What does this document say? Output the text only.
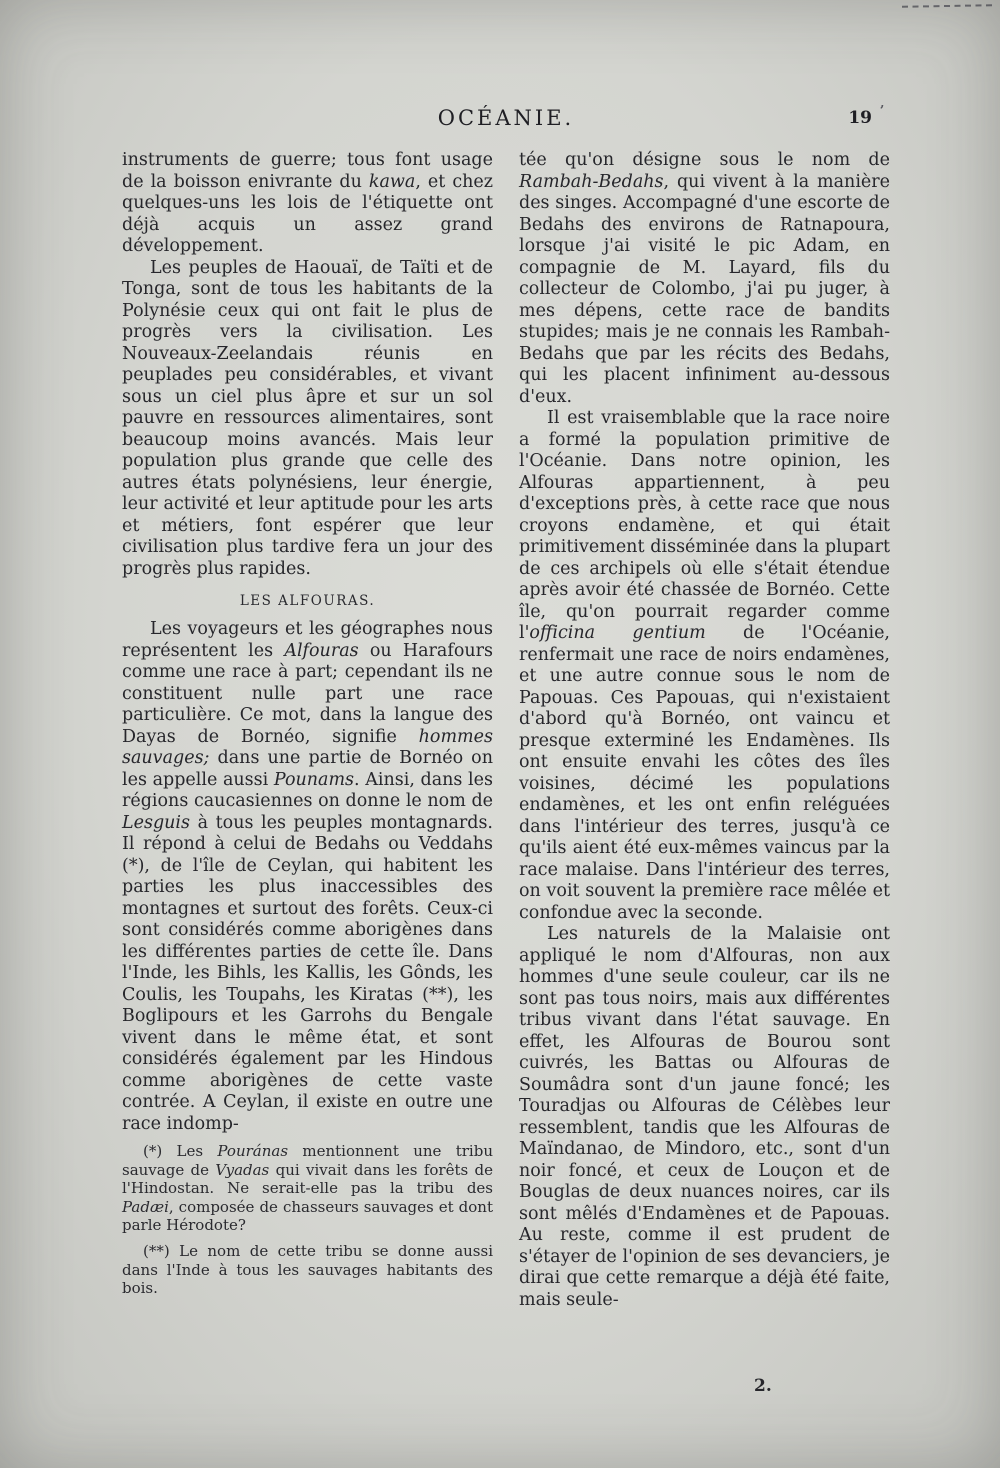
OCÉANIE.	19 ʼ

instruments de guerre; tous font usage de la boisson enivrante du kawa, et chez quelques-uns les lois de l'étiquette ont déjà acquis un assez grand développement.

Les peuples de Haouaï, de Taïti et de Tonga, sont de tous les habitants de la Polynésie ceux qui ont fait le plus de progrès vers la civilisation. Les Nouveaux-Zeelandais réunis en peuplades peu considérables, et vivant sous un ciel plus âpre et sur un sol pauvre en ressources alimentaires, sont beaucoup moins avancés. Mais leur population plus grande que celle des autres états polynésiens, leur énergie, leur activité et leur aptitude pour les arts et métiers, font espérer que leur civilisation plus tardive fera un jour des progrès plus rapides.

LES ALFOURAS.

Les voyageurs et les géographes nous représentent les Alfouras ou Harafours comme une race à part; cependant ils ne constituent nulle part une race particulière. Ce mot, dans la langue des Dayas de Bornéo, signifie hommes sauvages; dans une partie de Bornéo on les appelle aussi Pounams. Ainsi, dans les régions caucasiennes on donne le nom de Lesguis à tous les peuples montagnards. Il répond à celui de Bedahs ou Veddahs (*), de l'île de Ceylan, qui habitent les parties les plus inaccessibles des montagnes et surtout des forêts. Ceux-ci sont considérés comme aborigènes dans les différentes parties de cette île. Dans l'Inde, les Bihls, les Kallis, les Gônds, les Coulis, les Toupahs, les Kiratas (**), les Boglipours et les Garrohs du Bengale vivent dans le même état, et sont considérés également par les Hindous comme aborigènes de cette vaste contrée. A Ceylan, il existe en outre une race indomp-

(*) Les Pouránas mentionnent une tribu sauvage de Vyadas qui vivait dans les forêts de l'Hindostan. Ne serait-elle pas la tribu des Padæi, composée de chasseurs sauvages et dont parle Hérodote?

(**) Le nom de cette tribu se donne aussi dans l'Inde à tous les sauvages habitants des bois.

tée qu'on désigne sous le nom de Rambah-Bedahs, qui vivent à la manière des singes. Accompagné d'une escorte de Bedahs des environs de Ratnapoura, lorsque j'ai visité le pic Adam, en compagnie de M. Layard, fils du collecteur de Colombo, j'ai pu juger, à mes dépens, cette race de bandits stupides; mais je ne connais les Rambah-Bedahs que par les récits des Bedahs, qui les placent infiniment au-dessous d'eux.

Il est vraisemblable que la race noire a formé la population primitive de l'Océanie. Dans notre opinion, les Alfouras appartiennent, à peu d'exceptions près, à cette race que nous croyons endamène, et qui était primitivement disséminée dans la plupart de ces archipels où elle s'était étendue après avoir été chassée de Bornéo. Cette île, qu'on pourrait regarder comme l'officina gentium de l'Océanie, renfermait une race de noirs endamènes, et une autre connue sous le nom de Papouas. Ces Papouas, qui n'existaient d'abord qu'à Bornéo, ont vaincu et presque exterminé les Endamènes. Ils ont ensuite envahi les côtes des îles voisines, décimé les populations endamènes, et les ont enfin reléguées dans l'intérieur des terres, jusqu'à ce qu'ils aient été eux-mêmes vaincus par la race malaise. Dans l'intérieur des terres, on voit souvent la première race mêlée et confondue avec la seconde.

Les naturels de la Malaisie ont appliqué le nom d'Alfouras, non aux hommes d'une seule couleur, car ils ne sont pas tous noirs, mais aux différentes tribus vivant dans l'état sauvage. En effet, les Alfouras de Bourou sont cuivrés, les Battas ou Alfouras de Soumâdra sont d'un jaune foncé; les Touradjas ou Alfouras de Célèbes leur ressemblent, tandis que les Alfouras de Maïndanao, de Mindoro, etc., sont d'un noir foncé, et ceux de Louçon et de Bouglas de deux nuances noires, car ils sont mêlés d'Endamènes et de Papouas. Au reste, comme il est prudent de s'étayer de l'opinion de ses devanciers, je dirai que cette remarque a déjà été faite, mais seule-

2.
